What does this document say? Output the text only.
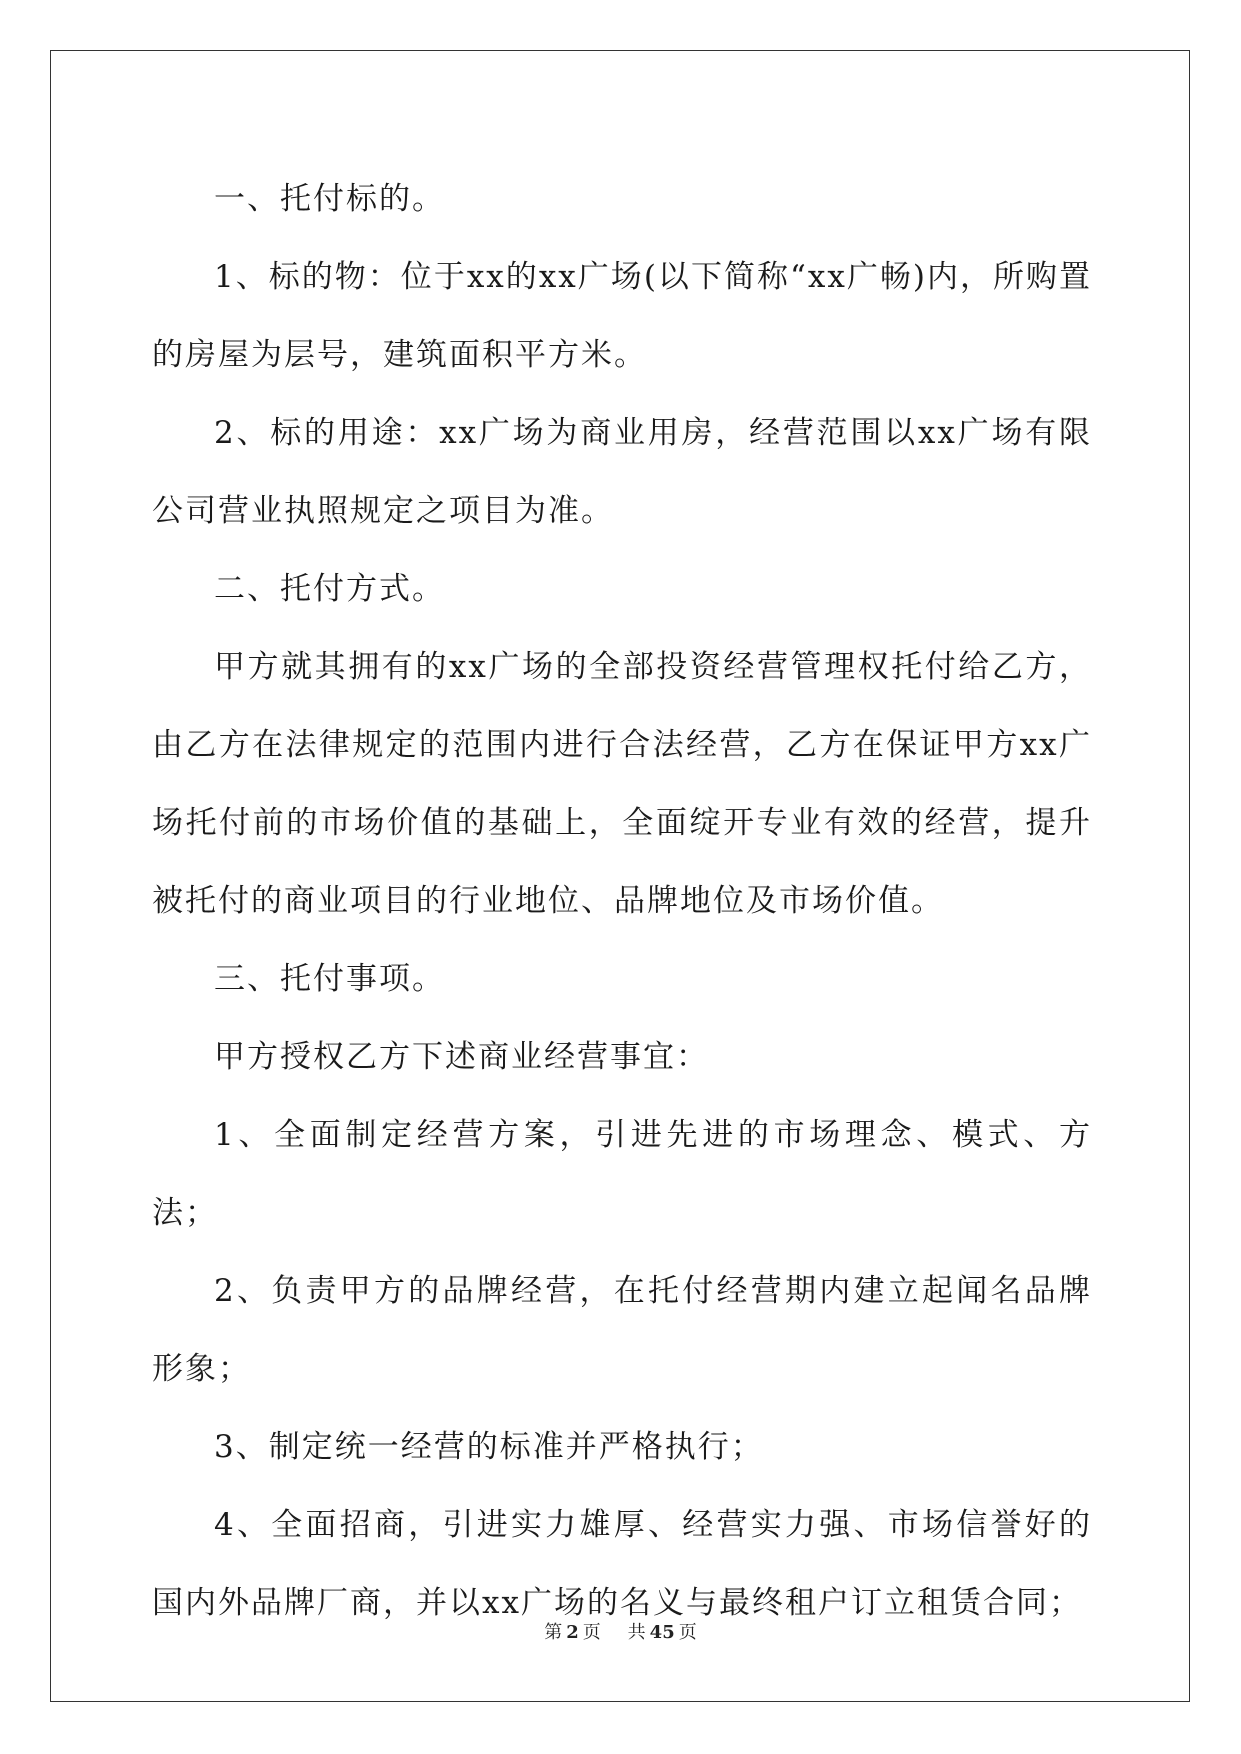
一、托付标的。

1、标的物：位于xx的xx广场(以下简称“xx广畅)内，所购置的房屋为层号，建筑面积平方米。

2、标的用途：xx广场为商业用房，经营范围以xx广场有限公司营业执照规定之项目为准。

二、托付方式。

甲方就其拥有的xx广场的全部投资经营管理权托付给乙方，由乙方在法律规定的范围内进行合法经营，乙方在保证甲方xx广场托付前的市场价值的基础上，全面绽开专业有效的经营，提升被托付的商业项目的行业地位、品牌地位及市场价值。

三、托付事项。

甲方授权乙方下述商业经营事宜：

1、全面制定经营方案，引进先进的市场理念、模式、方法；

2、负责甲方的品牌经营，在托付经营期内建立起闻名品牌形象；

3、制定统一经营的标准并严格执行；

4、全面招商，引进实力雄厚、经营实力强、市场信誉好的国内外品牌厂商，并以xx广场的名义与最终租户订立租赁合同；

第 2 页 共 45 页
